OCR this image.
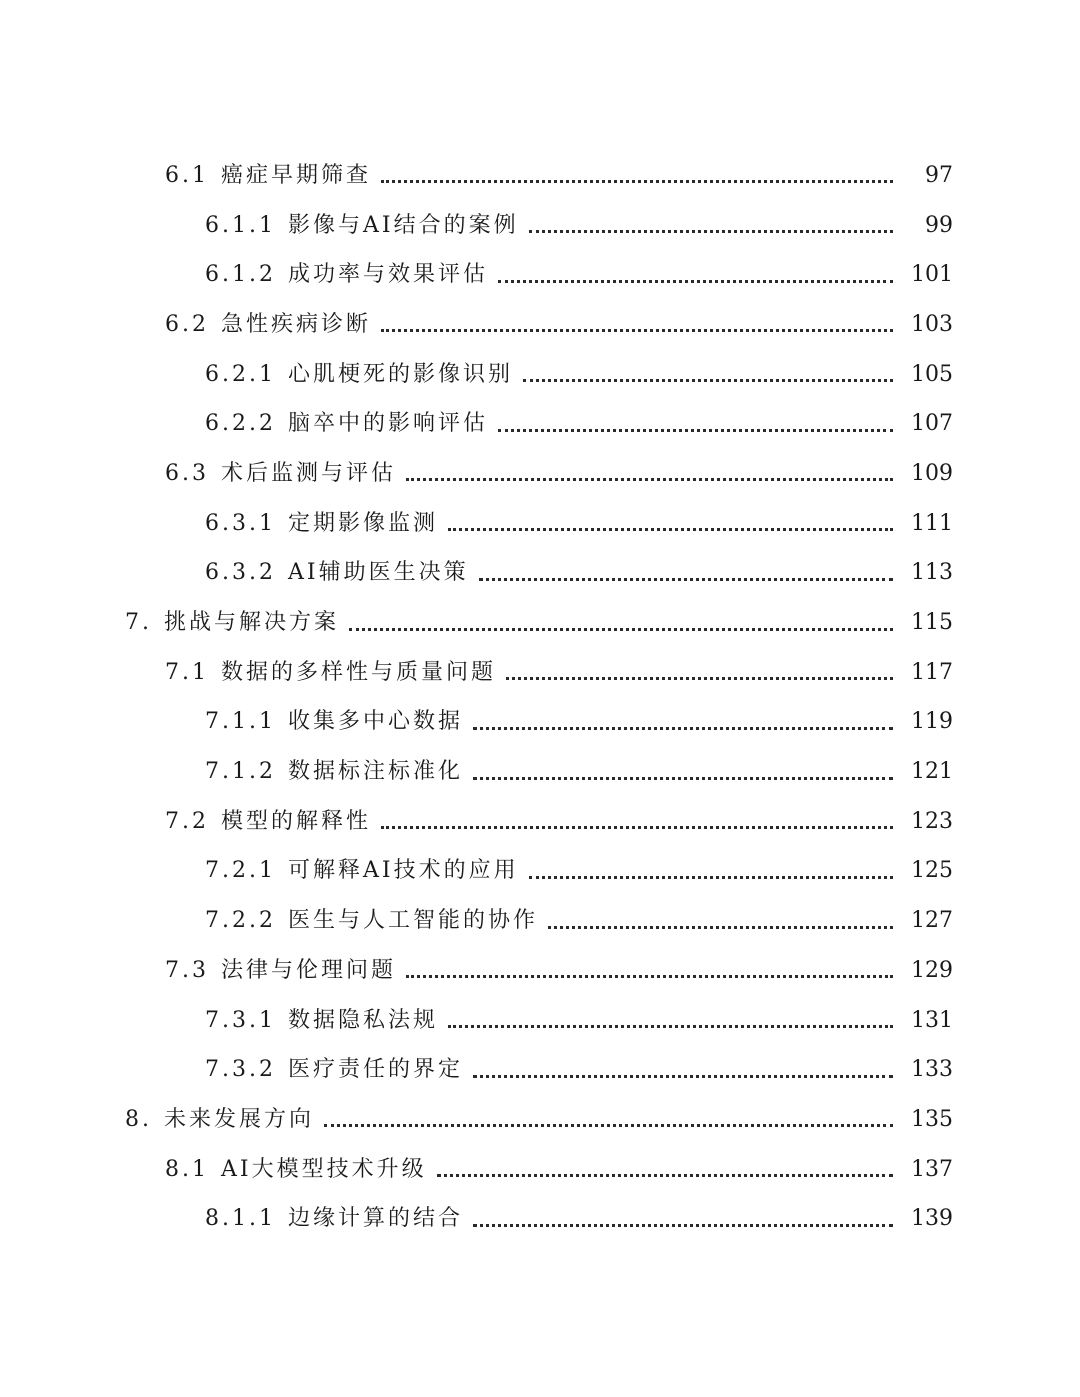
6.1 癌症早期筛查	97
6.1.1 影像与AI结合的案例	99
6.1.2 成功率与效果评估	101
6.2 急性疾病诊断	103
6.2.1 心肌梗死的影像识别	105
6.2.2 脑卒中的影响评估	107
6.3 术后监测与评估	109
6.3.1 定期影像监测	111
6.3.2 AI辅助医生决策	113
7. 挑战与解决方案	115
7.1 数据的多样性与质量问题	117
7.1.1 收集多中心数据	119
7.1.2 数据标注标准化	121
7.2 模型的解释性	123
7.2.1 可解释AI技术的应用	125
7.2.2 医生与人工智能的协作	127
7.3 法律与伦理问题	129
7.3.1 数据隐私法规	131
7.3.2 医疗责任的界定	133
8. 未来发展方向	135
8.1 AI大模型技术升级	137
8.1.1 边缘计算的结合	139
